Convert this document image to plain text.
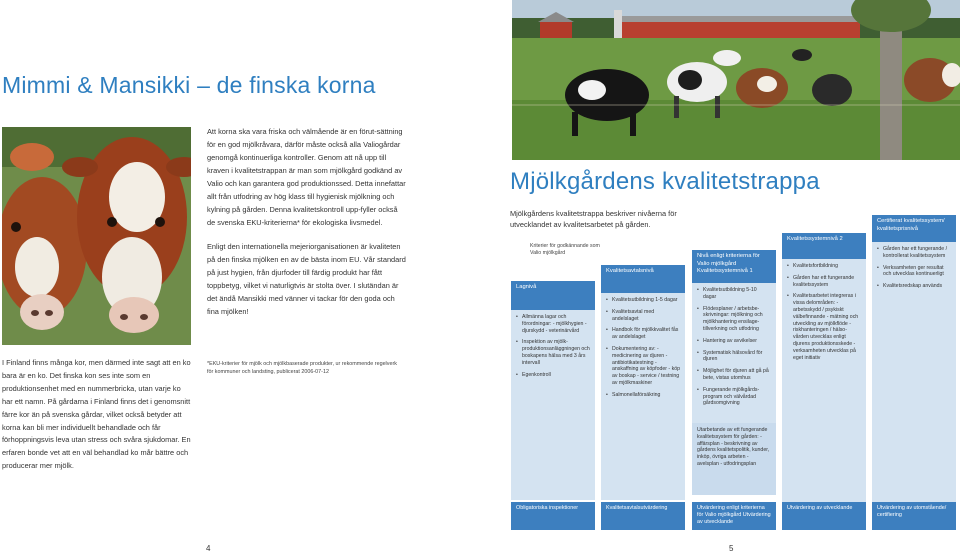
Mimmi & Mansikki – de finska korna
I Finland finns många kor, men därmed inte sagt att en ko bara är en ko. Det finska kon ses inte som en produktionsenhet med en nummerbricka, utan varje ko har ett namn. På gårdarna i Finland finns det i genomsnitt färre kor än på svenska gårdar, vilket också betyder att korna kan bli mer individuellt behandlade och får förhoppningsvis leva utan stress och svåra sjukdomar. En erfaren bonde vet att en väl behandlad ko mår bättre och producerar mer mjölk.

Att korna ska vara friska och välmående är en förut-sättning för en god mjölkråvara, därför måste också alla Valiogårdar genomgå kontinuerliga kontroller. Genom att nå upp till kraven i kvalitetstrappan är man som mjölkgård godkänd av Valio och kan garantera god produktionssed. Detta innefattar allt från utfodring av hög klass till hygienisk mjölkning och kylning på gården. Denna kvalitetskontroll upp-fyller också de svenska EKU-kriterierna* för ekologiska livsmedel.

Enligt den internationella mejeriorganisationen är kvaliteten på den finska mjölken en av de bästa inom EU. Vår standard på just hygien, från djurfoder till färdig produkt har fått toppbetyg, vilket vi naturligtvis är stolta över. I slutändan är det ändå Mansikki med vänner vi tackar för den goda och fina mjölken!

*EKU-kriterier för mjölk och mjölkbaserade produkter, ur rekommende regelverk för kommuner och landsting, publicerat 2006-07-12
4
Mjölkgårdens kvalitetstrappa
Mjölkgårdens kvalitetstrappa beskriver nivåerna för utvecklandet av kvalitetsarbetet på gården.
Kriterier för godkännande som Valio mjölkgård
Lagnivå
• Allmänna lagar och förordningar: - mjölkhygien - djurskydd - veterinärvård
• Inspektion av mjölk-produktionsanläggningen och boskapens hälsa med 3 års intervall
• Egenkontroll
Obligatoriska inspektioner
Kvalitetsavtalsnivå
• Kvalitetsutbildning 1-5 dagar
• Kvalitetsavtal med andelslaget
• Handbok för mjölkkvalitet fås av andelslaget
• Dokumentering av: - medicinering av djuren - antibiotikatestning - anskaffning av köpfoder - köp av boskap - service / testning av mjölkmaskiner
• Salmonellaförsäkring
Kvalitetsavtalsutvärdering
Nivå enligt kriterierna för Valio mjölkgård Kvalitetssystemnivå 1
• Kvalitetsutbildning 5-10 dagar
• Flödesplaner / arbetsbe-skrivningar: mjölkning och mjölkhantering ensilage-tillverkning och utfodring
• Hantering av avvikelser
• Systematisk hälsovård för djuren
• Möjlighet för djuren att gå på bete, vistas utomhus
• Fungerande mjölkgårds-program och välvårdad gårdsomgivning
Utarbetande av ett fungerande kvalitetssystem för gården: - affärsplan - beskrivning av gårdens kvalitetspolitik, kunder, inköp, övriga arbeten - avelsplan - utfodringsplan
Utvärdering enligt kriterierna för Valio mjölkgård Utvärdering av utvecklande
Kvalitetssystemnivå 2
• Kvalitetsfortbildning
• Gården har ett fungerande kvalitetssystem
• Kvalitetsarbetet integreras i vissa delområden: - arbetsskydd / psykiskt välbefinnande - mätning och utveckling av mjölkflöde - riskhanteringen / hälso-vården utvecklas enligt djurens produktionsskede - verksamheten utvecklas på eget initiativ
Utvärdering av utvecklande
Certifierat kvalitetssystem/ kvalitetsprisnivå
• Gården har ett fungerande / kontrollerat kvalitetssystem
• Verksamheten ger resultat och utvecklas kontinuerligt
• Kvalitetsredskap används
Utvärdering av utomstående/ certifiering
5
